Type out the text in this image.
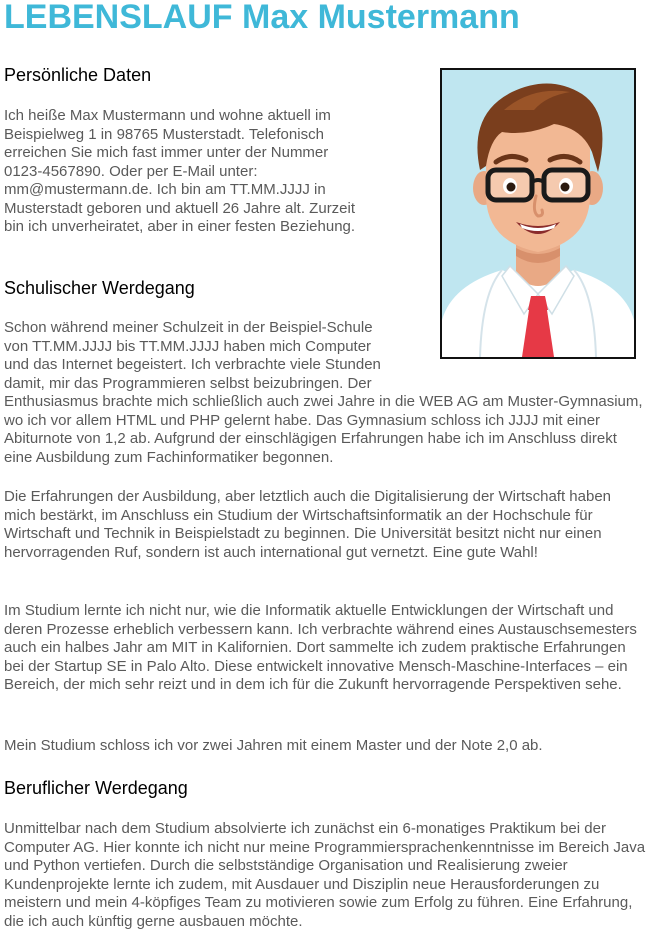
LEBENSLAUF Max Mustermann
Persönliche Daten

Ich heiße Max Mustermann und wohne aktuell im Beispielweg 1 in 98765 Musterstadt. Telefonisch erreichen Sie mich fast immer unter der Nummer 0123-4567890. Oder per E-Mail unter: mm@mustermann.de. Ich bin am TT.MM.JJJJ in Musterstadt geboren und aktuell 26 Jahre alt. Zurzeit bin ich unverheiratet, aber in einer festen Beziehung.

Schulischer Werdegang

Schon während meiner Schulzeit in der Beispiel-Schule von TT.MM.JJJJ bis TT.MM.JJJJ haben mich Computer und das Internet begeistert. Ich verbrachte viele Stunden damit, mir das Programmieren selbst beizubringen. Der Enthusiasmus brachte mich schließlich auch zwei Jahre in die WEB AG am Muster-Gymnasium, wo ich vor allem HTML und PHP gelernt habe. Das Gymnasium schloss ich JJJJ mit einer Abiturnote von 1,2 ab. Aufgrund der einschlägigen Erfahrungen habe ich im Anschluss direkt eine Ausbildung zum Fachinformatiker begonnen.

Die Erfahrungen der Ausbildung, aber letztlich auch die Digitalisierung der Wirtschaft haben mich bestärkt, im Anschluss ein Studium der Wirtschaftsinformatik an der Hochschule für Wirtschaft und Technik in Beispielstadt zu beginnen. Die Universität besitzt nicht nur einen hervorragenden Ruf, sondern ist auch international gut vernetzt. Eine gute Wahl!

Im Studium lernte ich nicht nur, wie die Informatik aktuelle Entwicklungen der Wirtschaft und deren Prozesse erheblich verbessern kann. Ich verbrachte während eines Austauschsemesters auch ein halbes Jahr am MIT in Kalifornien. Dort sammelte ich zudem praktische Erfahrungen bei der Startup SE in Palo Alto. Diese entwickelt innovative Mensch-Maschine-Interfaces – ein Bereich, der mich sehr reizt und in dem ich für die Zukunft hervorragende Perspektiven sehe.

Mein Studium schloss ich vor zwei Jahren mit einem Master und der Note 2,0 ab.

Beruflicher Werdegang

Unmittelbar nach dem Studium absolvierte ich zunächst ein 6-monatiges Praktikum bei der Computer AG. Hier konnte ich nicht nur meine Programmiersprachenkenntnisse im Bereich Java und Python vertiefen. Durch die selbstständige Organisation und Realisierung zweier Kundenprojekte lernte ich zudem, mit Ausdauer und Disziplin neue Herausforderungen zu meistern und mein 4-köpfiges Team zu motivieren sowie zum Erfolg zu führen. Eine Erfahrung, die ich auch künftig gerne ausbauen möchte.
